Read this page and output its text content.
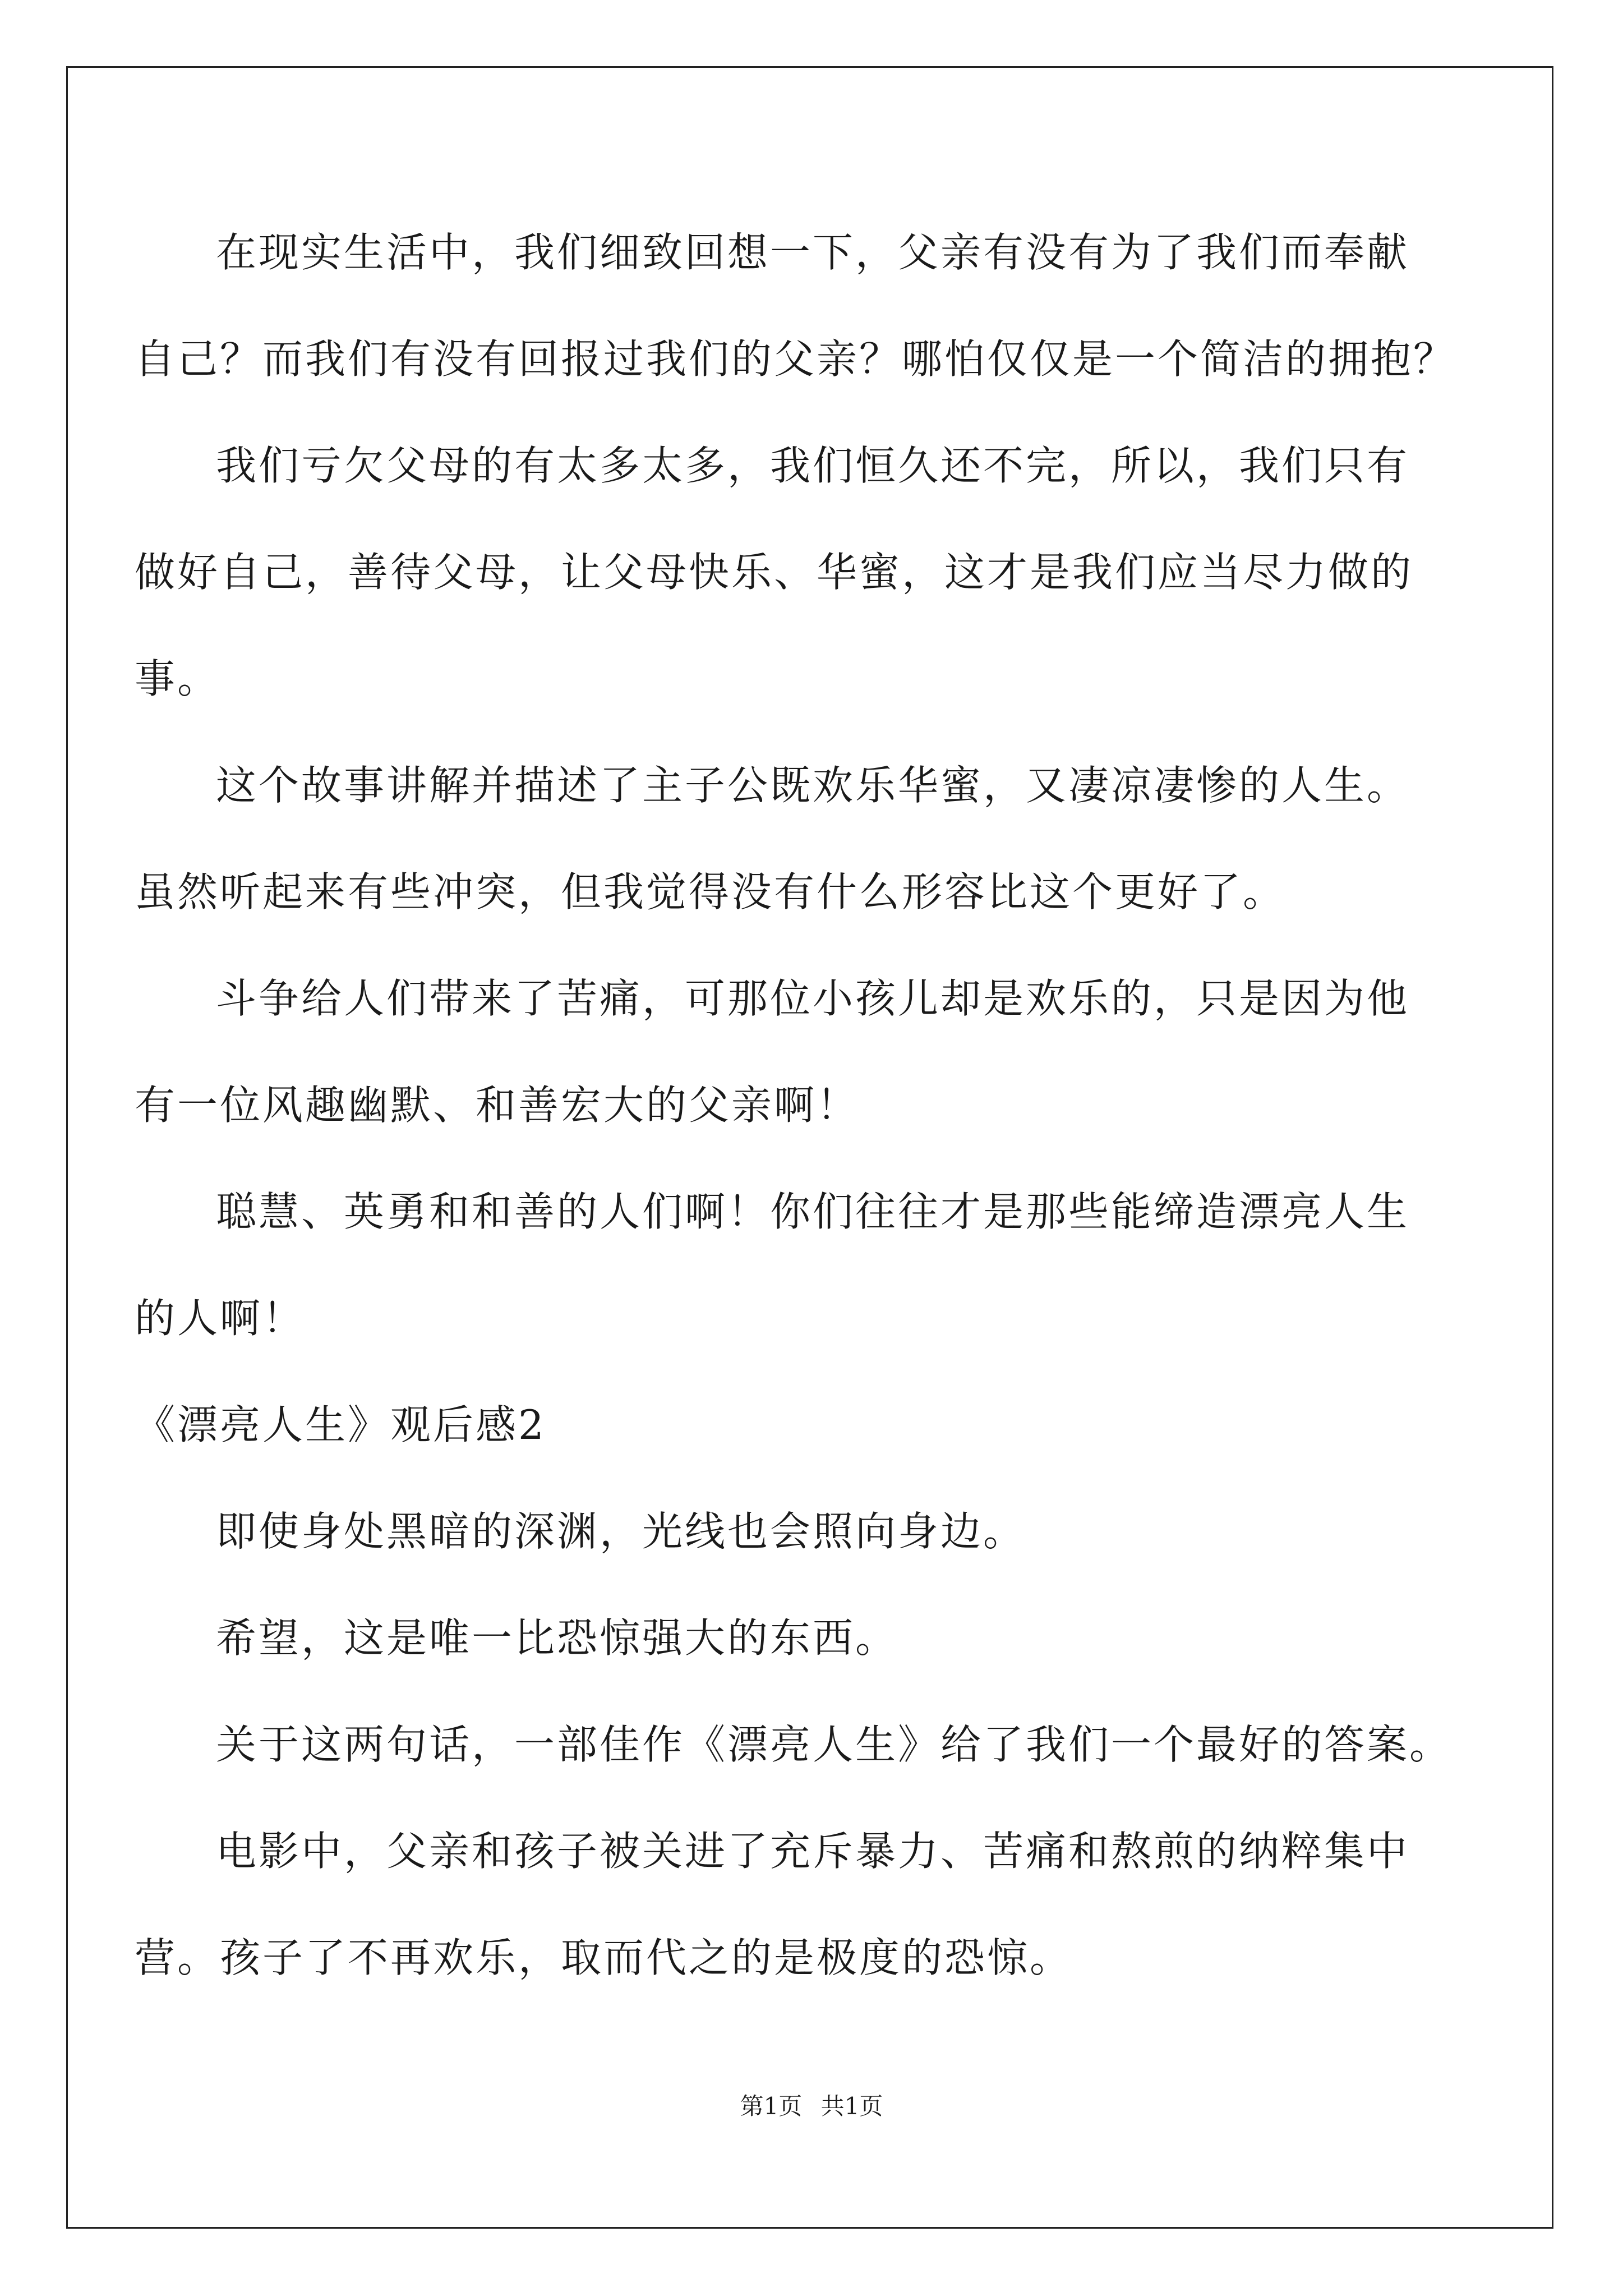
在现实生活中，我们细致回想一下，父亲有没有为了我们而奉献
自己？而我们有没有回报过我们的父亲？哪怕仅仅是一个简洁的拥抱？
我们亏欠父母的有太多太多，我们恒久还不完，所以，我们只有
做好自己，善待父母，让父母快乐、华蜜，这才是我们应当尽力做的
事。
这个故事讲解并描述了主子公既欢乐华蜜，又凄凉凄惨的人生。
虽然听起来有些冲突，但我觉得没有什么形容比这个更好了。
斗争给人们带来了苦痛，可那位小孩儿却是欢乐的，只是因为他
有一位风趣幽默、和善宏大的父亲啊！
聪慧、英勇和和善的人们啊！你们往往才是那些能缔造漂亮人生
的人啊！
《漂亮人生》观后感2
即使身处黑暗的深渊，光线也会照向身边。
希望，这是唯一比恐惊强大的东西。
关于这两句话，一部佳作《漂亮人生》给了我们一个最好的答案。
电影中，父亲和孩子被关进了充斥暴力、苦痛和熬煎的纳粹集中
营。孩子了不再欢乐，取而代之的是极度的恐惊。
第1页 共1页
